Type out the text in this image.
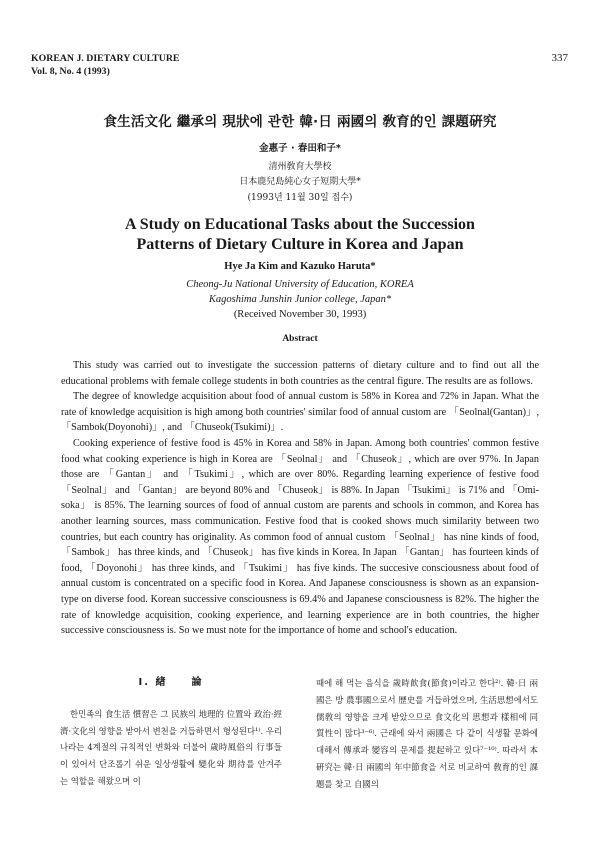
KOREAN J. DIETARY CULTURE
Vol. 8, No. 4 (1993)
337
食生活文化 繼承의 現狀에 관한 韓·日 兩國의 敎育的인 課題硏究
金惠子 · 春田和子*
淸州敎育大學校
日本鹿兒島純心女子短期大學*
(1993년 11월 30일 접수)
A Study on Educational Tasks about the Succession
Patterns of Dietary Culture in Korea and Japan
Hye Ja Kim and Kazuko Haruta*
Cheong-Ju National University of Education, KOREA
Kagoshima Junshin Junior college, Japan*
(Received November 30, 1993)
Abstract

This study was carried out to investigate the succession patterns of dietary culture and to find out all the educational problems with female college students in both countries as the central figure. The results are as follows.

The degree of knowledge acquisition about food of annual custom is 58% in Korea and 72% in Japan. What the rate of knowledge acquisition is high among both countries' similar food of annual custom are 「Seolnal(Gantan)」, 「Sambok(Doyonohi)」, and 「Chuseok(Tsukimi)」.

Cooking experience of festive food is 45% in Korea and 58% in Japan. Among both countries' common festive food what cooking experience is high in Korea are 「Seolnal」 and 「Chuseok」, which are over 97%. In Japan those are 「Gantan」 and 「Tsukimi」, which are over 80%. Regarding learning experience of festive food 「Seolnal」 and 「Gantan」 are beyond 80% and 「Chuseok」 is 88%. In Japan 「Tsukimi」 is 71% and 「Omi-soka」 is 85%. The learning sources of food of annual custom are parents and schools in common, and Korea has another learning sources, mass communication. Festive food that is cooked shows much similarity between two countries, but each country has originality. As common food of annual custom 「Seolnal」 has nine kinds of food, 「Sambok」 has three kinds, and 「Chuseok」 has five kinds in Korea. In Japan 「Gantan」 has fourteen kinds of food, 「Doyonohi」 has three kinds, and 「Tsukimi」 has five kinds. The succesive consciousness about food of annual custom is concentrated on a specific food in Korea. And Japanese consciousness is shown as an expansion-type on diverse food. Korean successive consciousness is 69.4% and Japanese consciousness is 82%. The higher the rate of knowledge acquisition, cooking experience, and learning experience are in both countries, the higher successive consciousness is. So we must note for the importance of home and school's education.

I. 緖　　論

한민족의 食生活 慣習은 그 民族의 地理的 位置와 政治·經濟·文化의 영향을 받아서 변천을 거듭하면서 형성된다¹⁾. 우리나라는 4계절의 규칙적인 변화와 더불어 歲時風俗의 行事들이 있어서 단조롭기 쉬운 일상생활에 變化와 期待를 안겨주는 역할을 해왔으며 이

때에 해 먹는 음식을 歲時飮食(節食)이라고 한다²⁾. 韓·日 兩國은 방 農事國으로서 歷史를 거듭하였으며, 生活思想에서도 儒敎의 영향을 크게 받았으므로 食文化의 思想과 樣相에 同質性이 많다³⁻⁶⁾. 근래에 와서 兩國은 다 같이 식생활 문화에 대해서 傳承과 變容의 문제를 提起하고 있다⁷⁻¹⁰⁾. 따라서 本硏究는 韓·日 兩國의 年中節食을 서로 비교하여 敎育的인 課題를 찾고 自國의
